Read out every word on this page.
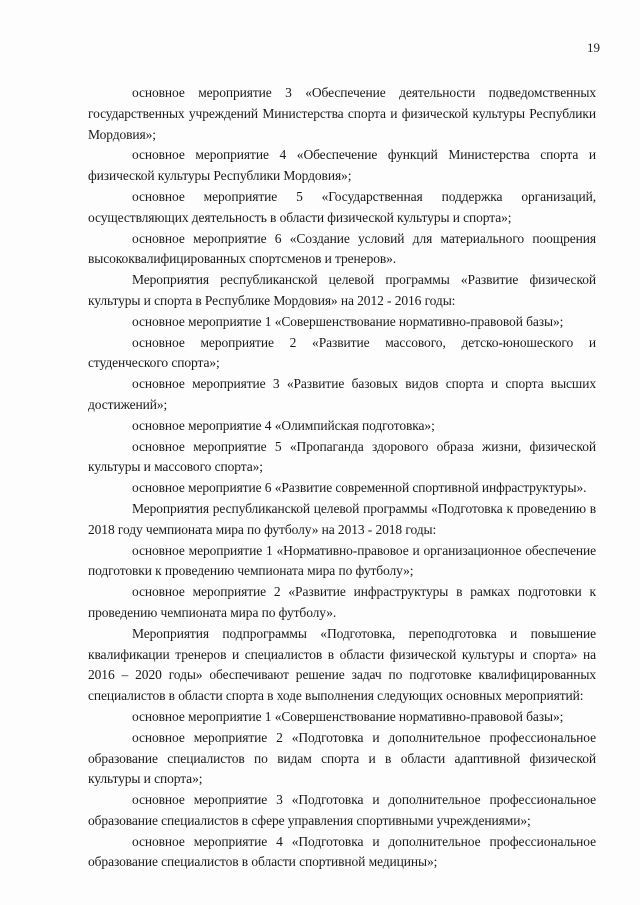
19

основное мероприятие 3 «Обеспечение деятельности подведомственных государственных учреждений Министерства спорта и физической культуры Республики Мордовия»;

основное мероприятие 4 «Обеспечение функций Министерства спорта и физической культуры Республики Мордовия»;

основное мероприятие 5 «Государственная поддержка организаций, осуществляющих деятельность в области физической культуры и спорта»;

основное мероприятие 6 «Создание условий для материального поощрения высококвалифицированных спортсменов и тренеров».

Мероприятия республиканской целевой программы «Развитие физической культуры и спорта в Республике Мордовия» на 2012 - 2016 годы:

основное мероприятие 1 «Совершенствование нормативно-правовой базы»;

основное мероприятие 2 «Развитие массового, детско-юношеского и студенческого спорта»;

основное мероприятие 3 «Развитие базовых видов спорта и спорта высших достижений»;

основное мероприятие 4 «Олимпийская подготовка»;

основное мероприятие 5 «Пропаганда здорового образа жизни, физической культуры и массового спорта»;

основное мероприятие 6 «Развитие современной спортивной инфраструктуры».

Мероприятия республиканской целевой программы «Подготовка к проведению в 2018 году чемпионата мира по футболу» на 2013 - 2018 годы:

основное мероприятие 1 «Нормативно-правовое и организационное обеспечение подготовки к проведению чемпионата мира по футболу»;

основное мероприятие 2 «Развитие инфраструктуры в рамках подготовки к проведению чемпионата мира по футболу».

Мероприятия подпрограммы «Подготовка, переподготовка и повышение квалификации тренеров и специалистов в области физической культуры и спорта» на 2016 – 2020 годы» обеспечивают решение задач по подготовке квалифицированных специалистов в области спорта в ходе выполнения следующих основных мероприятий:

основное мероприятие 1 «Совершенствование нормативно-правовой базы»;

основное мероприятие 2 «Подготовка и дополнительное профессиональное образование специалистов по видам спорта и в области адаптивной физической культуры и спорта»;

основное мероприятие 3 «Подготовка и дополнительное профессиональное образование специалистов в сфере управления спортивными учреждениями»;

основное мероприятие 4 «Подготовка и дополнительное профессиональное образование специалистов в области спортивной медицины»;
